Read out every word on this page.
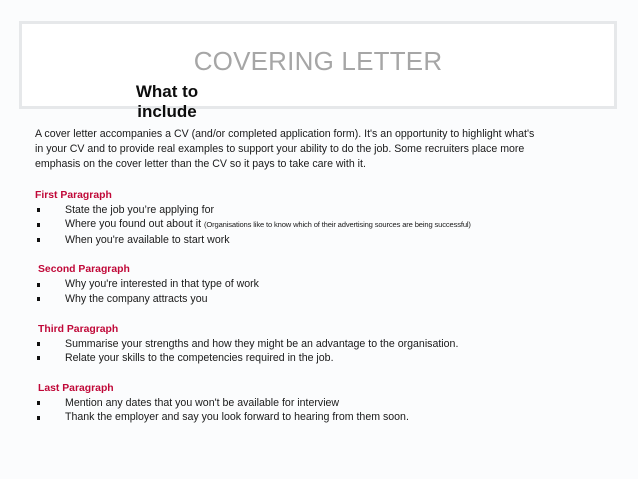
COVERING LETTER
What to include
A cover letter accompanies a CV (and/or completed application form). It's an opportunity to highlight what's
in your CV and to provide real examples to support your ability to do the job. Some recruiters place more
emphasis on the cover letter than the CV so it pays to take care with it.
First Paragraph
State the job you’re applying for
Where you found out about it (Organisations like to know which of their advertising sources are being successful)
When you're available to start work
Second Paragraph
Why you're interested in that type of work
Why the company attracts you
Third Paragraph
Summarise your strengths and how they might be an advantage to the organisation.
Relate your skills to the competencies required in the job.
Last Paragraph
Mention any dates that you won't be available for interview
Thank the employer and say you look forward to hearing from them soon.
